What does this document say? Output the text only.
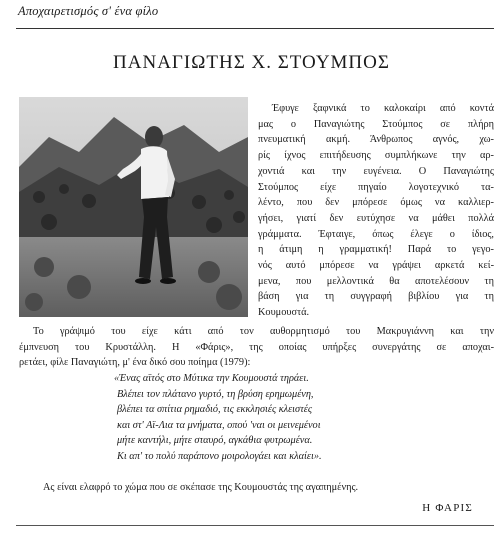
Αποχαιρετισμός σ' ένα φίλο
ΠΑΝΑΓΙΩΤΗΣ Χ. ΣΤΟΥΜΠΟΣ
Έφυγε ξαφνικά το καλοκαίρι από κοντά
μας ο Παναγιώτης Στούμπος σε πλήρη
πνευματική ακμή. Άνθρωπος αγνός, χω-
ρίς ίχνος επιτήδευσης συμπλήκωνε την αρ-
χοντιά και την ευγένεια. Ο Παναγιώτης
Στούμπος είχε πηγαίο λογοτεχνικό τα-
λέντο, που δεν μπόρεσε όμως να καλλιερ-
γήσει, γιατί δεν ευτύχησε να μάθει πολλά
γράμματα. Έφταιγε, όπως έλεγε ο ίδιος,
η άτιμη η γραμματική! Παρά το γεγο-
νός αυτό μπόρεσε να γράψει αρκετά κεί-
μενα, που μελλοντικά θα αποτελέσουν τη
βάση για τη συγγραφή βιβλίου για τη
Κουμουστά.
Το γράψιμό του είχε κάτι από τον αυθορμητισμό του Μακρυγιάννη και την
έμπνευση του Κρυστάλλη. Η «Φάρις», της οποίας υπήρξες συνεργάτης σε αποχαι-
ρετάει, φίλε Παναγιώτη, μ' ένα δικό σου ποίημα (1979):
«Ένας αϊτός στο Μύτικα την Κουμουστά τηράει.
Βλέπει τον πλάτανο γυρτό, τη βρύση ερημωμένη,
βλέπει τα σπίτια ρημαδιό, τις εκκλησιές κλειστές
και στ' Αϊ-Λια τα μνήματα, οπού 'ναι οι μεινεμένοι
μήτε καντήλι, μήτε σταυρό, αγκάθια φυτρωμένα.
Κι απ' το πολύ παράπονο μοιρολογάει και κλαίει».
Ας είναι ελαφρό το χώμα που σε σκέπασε της Κουμουστάς της αγαπημένης.
Η ΦΑΡΙΣ
